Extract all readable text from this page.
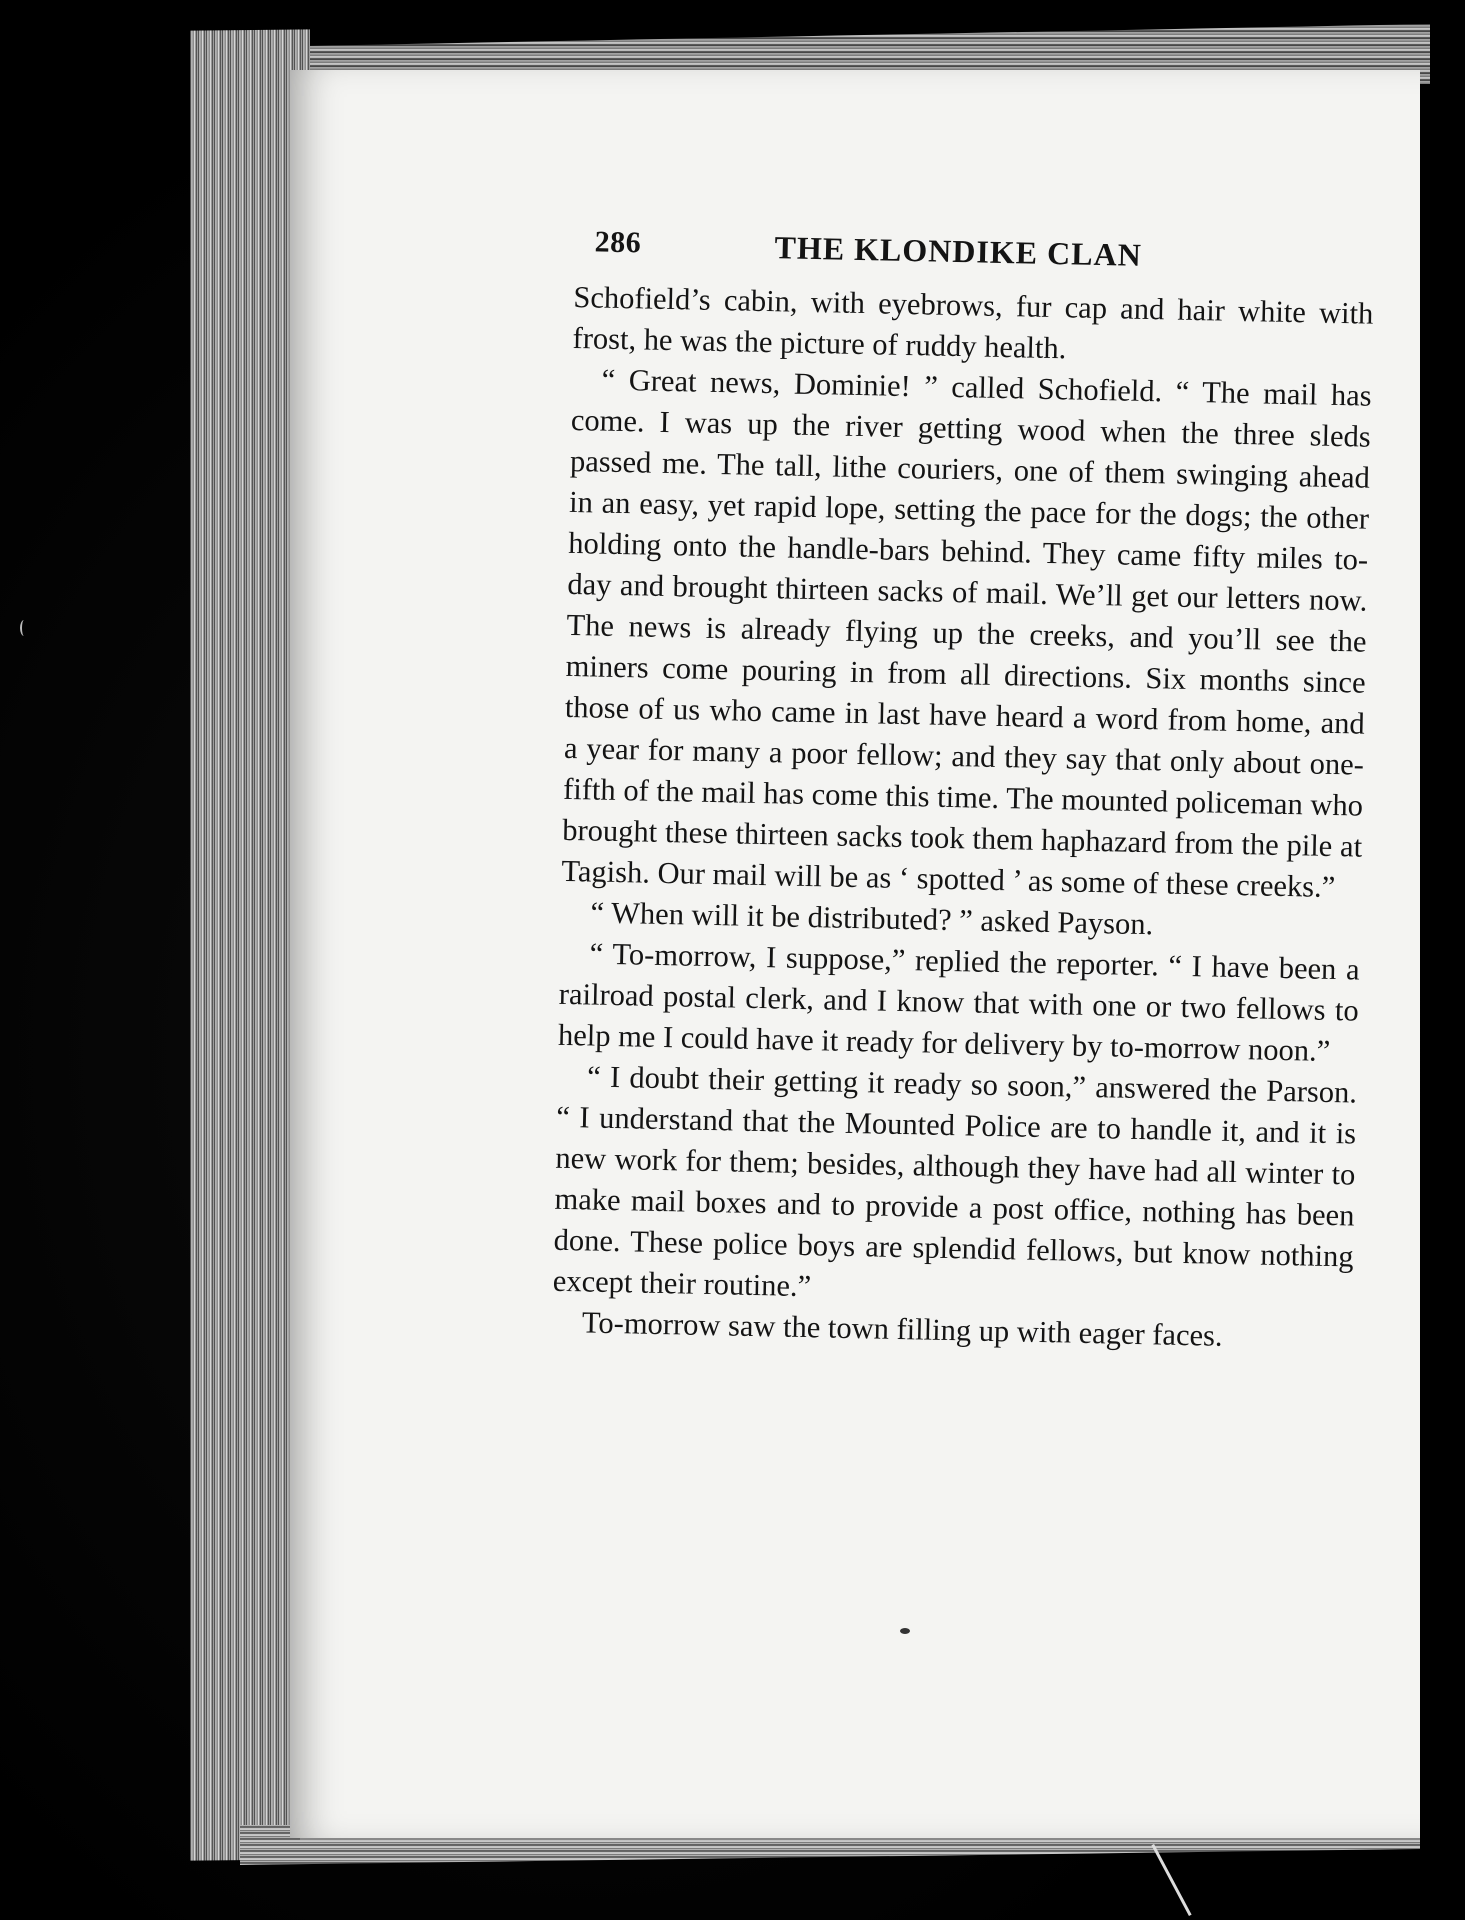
286	THE KLONDIKE CLAN

Schofield’s cabin, with eyebrows, fur cap and hair white with frost, he was the picture of ruddy health.

“ Great news, Dominie! ” called Schofield. “ The mail has come. I was up the river getting wood when the three sleds passed me. The tall, lithe couriers, one of them swinging ahead in an easy, yet rapid lope, setting the pace for the dogs; the other holding onto the handle-bars behind. They came fifty miles to-day and brought thirteen sacks of mail. We’ll get our letters now. The news is already flying up the creeks, and you’ll see the miners come pouring in from all directions. Six months since those of us who came in last have heard a word from home, and a year for many a poor fellow; and they say that only about one-fifth of the mail has come this time. The mounted policeman who brought these thirteen sacks took them haphazard from the pile at Tagish. Our mail will be as ‘ spotted ’ as some of these creeks.”

“ When will it be distributed? ” asked Payson.

“ To-morrow, I suppose,” replied the reporter. “ I have been a railroad postal clerk, and I know that with one or two fellows to help me I could have it ready for delivery by to-morrow noon.”

“ I doubt their getting it ready so soon,” answered the Parson. “ I understand that the Mounted Police are to handle it, and it is new work for them; besides, although they have had all winter to make mail boxes and to provide a post office, nothing has been done. These police boys are splendid fellows, but know nothing except their routine.”

To-morrow saw the town filling up with eager faces.
